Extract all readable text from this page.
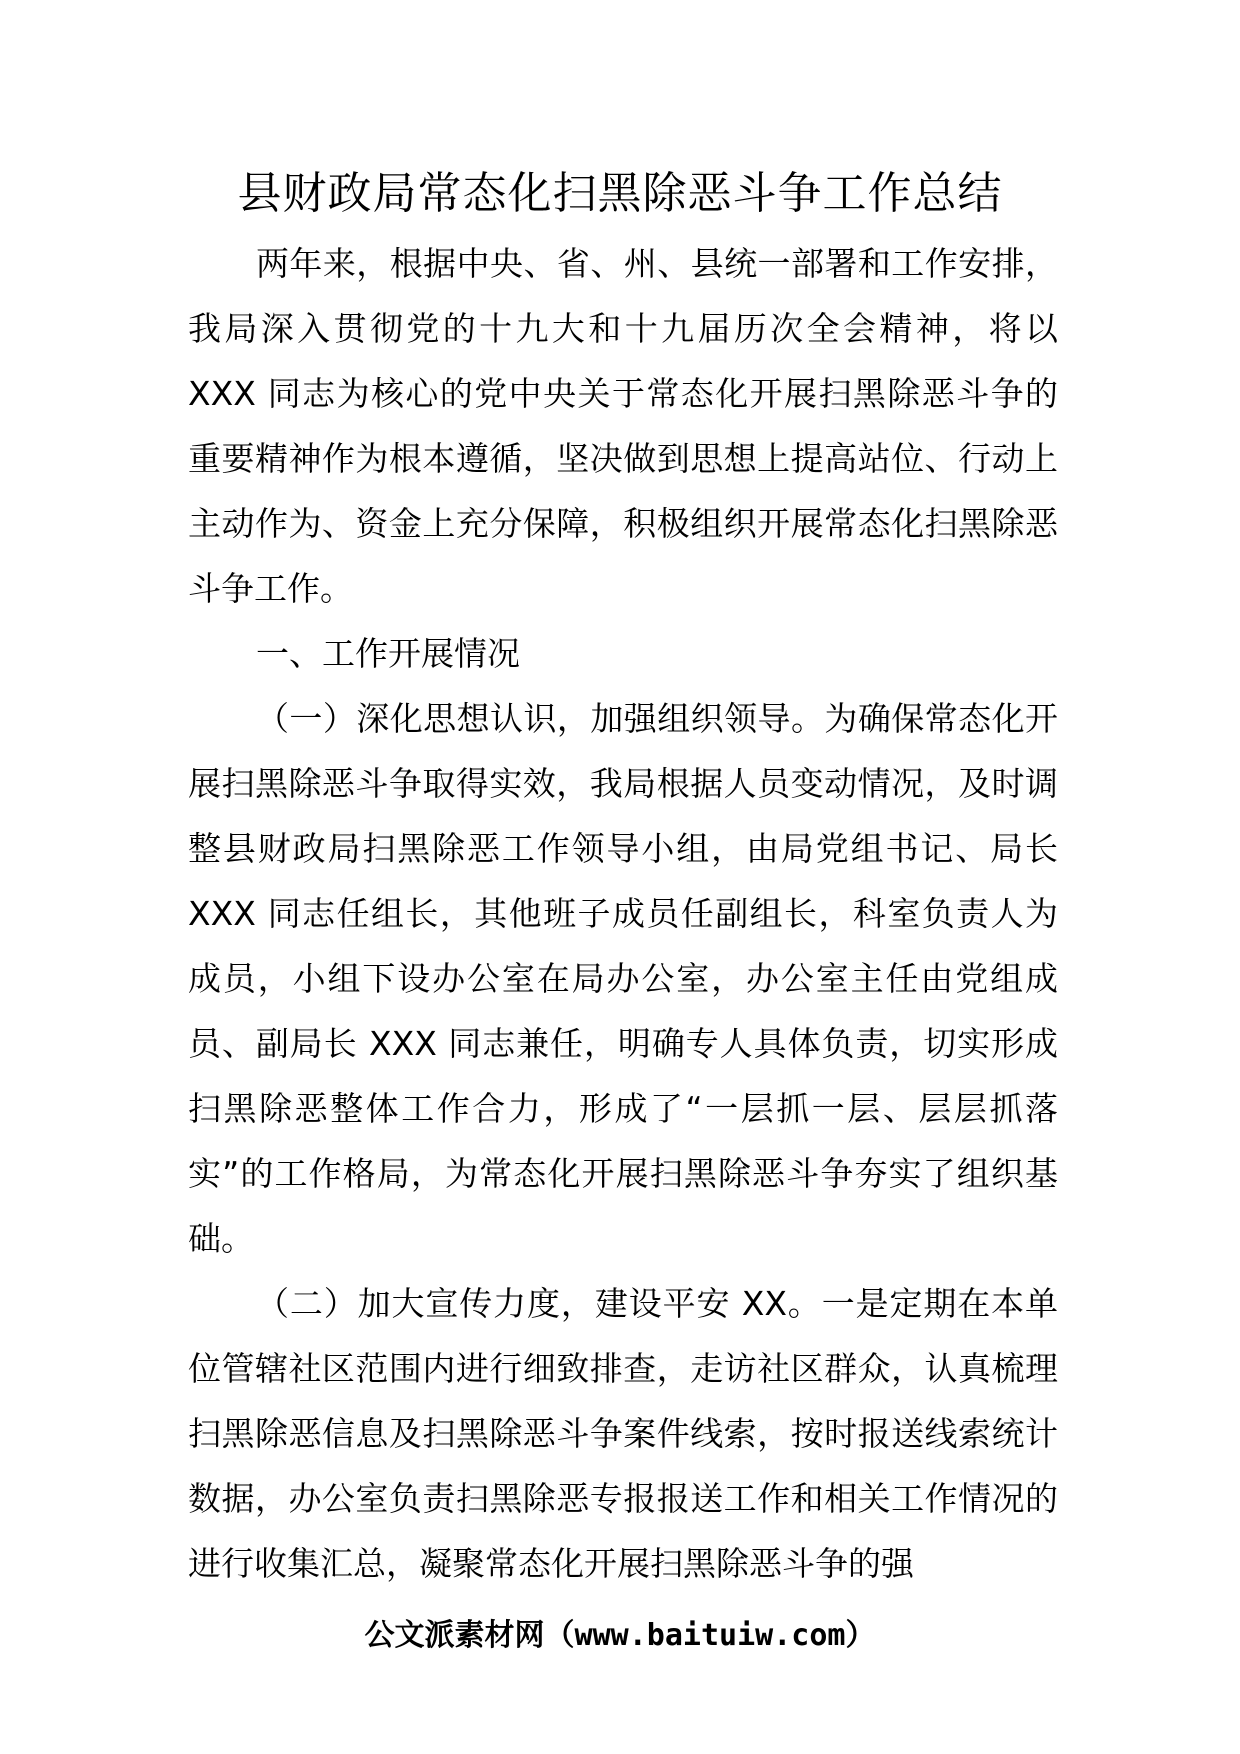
县财政局常态化扫黑除恶斗争工作总结

两年来，根据中央、省、州、县统一部署和工作安排，我局深入贯彻党的十九大和十九届历次全会精神，将以 XXX 同志为核心的党中央关于常态化开展扫黑除恶斗争的重要精神作为根本遵循，坚决做到思想上提高站位、行动上主动作为、资金上充分保障，积极组织开展常态化扫黑除恶斗争工作。

一、工作开展情况

（一）深化思想认识，加强组织领导。为确保常态化开展扫黑除恶斗争取得实效，我局根据人员变动情况，及时调整县财政局扫黑除恶工作领导小组，由局党组书记、局长 XXX 同志任组长，其他班子成员任副组长，科室负责人为成员，小组下设办公室在局办公室，办公室主任由党组成员、副局长 XXX 同志兼任，明确专人具体负责，切实形成扫黑除恶整体工作合力，形成了“一层抓一层、层层抓落实”的工作格局，为常态化开展扫黑除恶斗争夯实了组织基础。

（二）加大宣传力度，建设平安 XX。一是定期在本单位管辖社区范围内进行细致排查，走访社区群众，认真梳理扫黑除恶信息及扫黑除恶斗争案件线索，按时报送线索统计数据，办公室负责扫黑除恶专报报送工作和相关工作情况的进行收集汇总，凝聚常态化开展扫黑除恶斗争的强

公文派素材网（www.baituiw.com）
